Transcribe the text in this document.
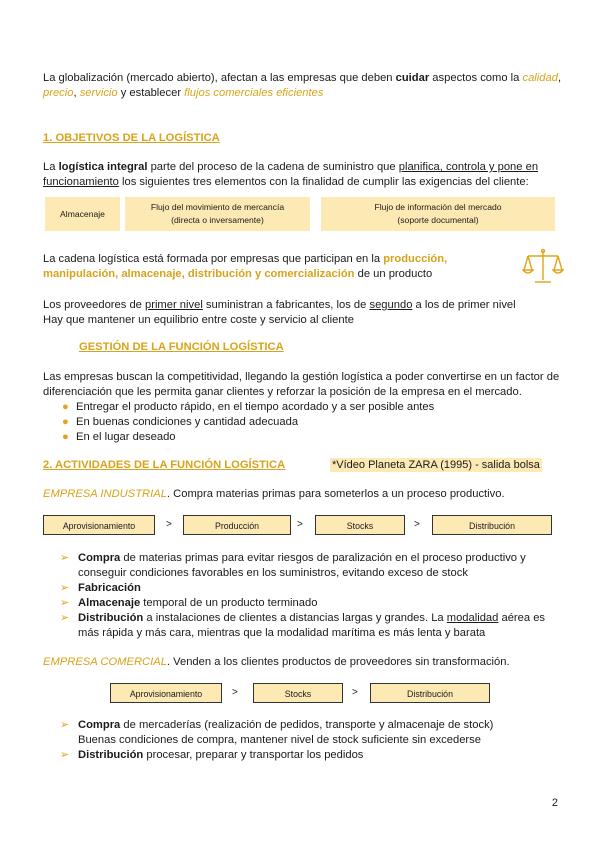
La globalización (mercado abierto), afectan a las empresas que deben cuidar aspectos como la calidad,
precio, servicio y establecer flujos comerciales eficientes
1. OBJETIVOS DE LA LOGÍSTICA
La logística integral parte del proceso de la cadena de suministro que planifica, controla y pone en
funcionamiento los siguientes tres elementos con la finalidad de cumplir las exigencias del cliente:
Almacenaje
Flujo del movimiento de mercancía
(directa o inversamente)
Flujo de información del mercado
(soporte documental)
La cadena logística está formada por empresas que participan en la producción,
manipulación, almacenaje, distribución y comercialización de un producto
Los proveedores de primer nivel suministran a fabricantes, los de segundo a los de primer nivel
Hay que mantener un equilibrio entre coste y servicio al cliente
GESTIÓN DE LA FUNCIÓN LOGÍSTICA
Las empresas buscan la competitividad, llegando la gestión logística a poder convertirse en un factor de
diferenciación que les permita ganar clientes y reforzar la posición de la empresa en el mercado.
● Entregar el producto rápido, en el tiempo acordado y a ser posible antes
● En buenas condiciones y cantidad adecuada
● En el lugar deseado
2. ACTIVIDADES DE LA FUNCIÓN LOGÍSTICA	*Vídeo Planeta ZARA (1995) - salida bolsa
EMPRESA INDUSTRIAL. Compra materias primas para someterlos a un proceso productivo.
Aprovisionamiento	>	Producción	>	Stocks	>	Distribución
➢ Compra de materias primas para evitar riesgos de paralización en el proceso productivo y
conseguir condiciones favorables en los suministros, evitando exceso de stock
➢ Fabricación
➢ Almacenaje temporal de un producto terminado
➢ Distribución a instalaciones de clientes a distancias largas y grandes. La modalidad aérea es
más rápida y más cara, mientras que la modalidad marítima es más lenta y barata
EMPRESA COMERCIAL. Venden a los clientes productos de proveedores sin transformación.
Aprovisionamiento	>	Stocks	>	Distribución
➢ Compra de mercaderías (realización de pedidos, transporte y almacenaje de stock)
Buenas condiciones de compra, mantener nivel de stock suficiente sin excederse
➢ Distribución procesar, preparar y transportar los pedidos
2
